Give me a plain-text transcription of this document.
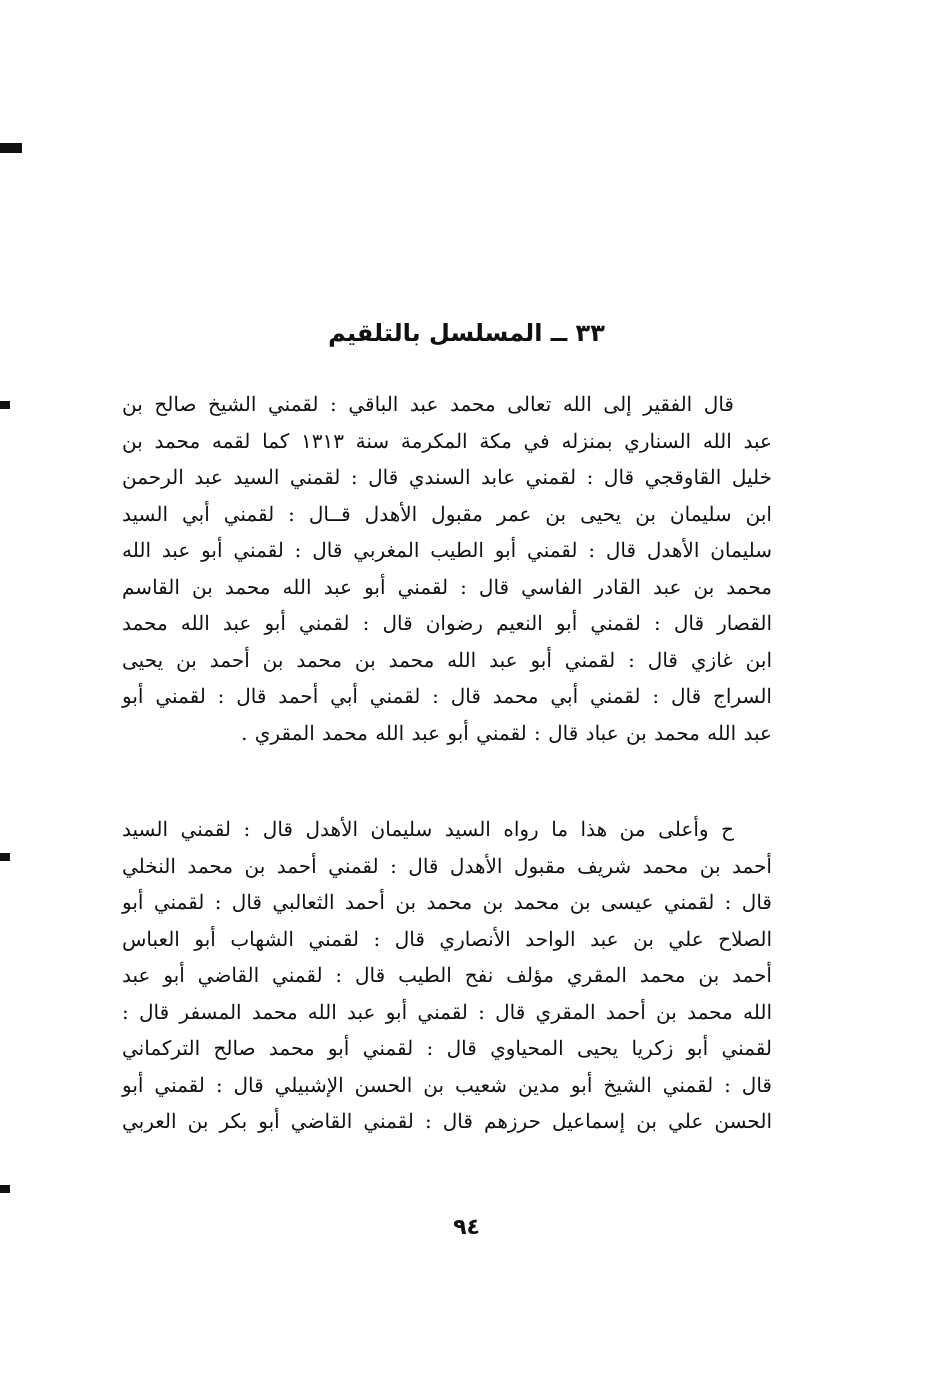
٣٣ ــ المسلسل بالتلقيم
قال الفقير إلى الله تعالى محمد عبد الباقي : لقمني الشيخ صالح بن
عبد الله السناري بمنزله في مكة المكرمة سنة ١٣١٣ كما لقمه محمد بن
خليل القاوقجي قال : لقمني عابد السندي قال : لقمني السيد عبد الرحمن
ابن سليمان بن يحيى بن عمر مقبول الأهدل قــال : لقمني أبي السيد
سليمان الأهدل قال : لقمني أبو الطيب المغربي قال : لقمني أبو عبد الله
محمد بن عبد القادر الفاسي قال : لقمني أبو عبد الله محمد بن القاسم
القصار قال : لقمني أبو النعيم رضوان قال : لقمني أبو عبد الله محمد
ابن غازي قال : لقمني أبو عبد الله محمد بن محمد بن أحمد بن يحيى
السراج قال : لقمني أبي محمد قال : لقمني أبي أحمد قال : لقمني أبو
عبد الله محمد بن عباد قال : لقمني أبو عبد الله محمد المقري .
ح وأعلى من هذا ما رواه السيد سليمان الأهدل قال : لقمني السيد
أحمد بن محمد شريف مقبول الأهدل قال : لقمني أحمد بن محمد النخلي
قال : لقمني عيسى بن محمد بن محمد بن أحمد الثعالبي قال : لقمني أبو
الصلاح علي بن عبد الواحد الأنصاري قال : لقمني الشهاب أبو العباس
أحمد بن محمد المقري مؤلف نفح الطيب قال : لقمني القاضي أبو عبد
الله محمد بن أحمد المقري قال : لقمني أبو عبد الله محمد المسفر قال :
لقمني أبو زكريا يحيى المحياوي قال : لقمني أبو محمد صالح التركماني
قال : لقمني الشيخ أبو مدين شعيب بن الحسن الإشبيلي قال : لقمني أبو
الحسن علي بن إسماعيل حرزهم قال : لقمني القاضي أبو بكر بن العربي
٩٤
